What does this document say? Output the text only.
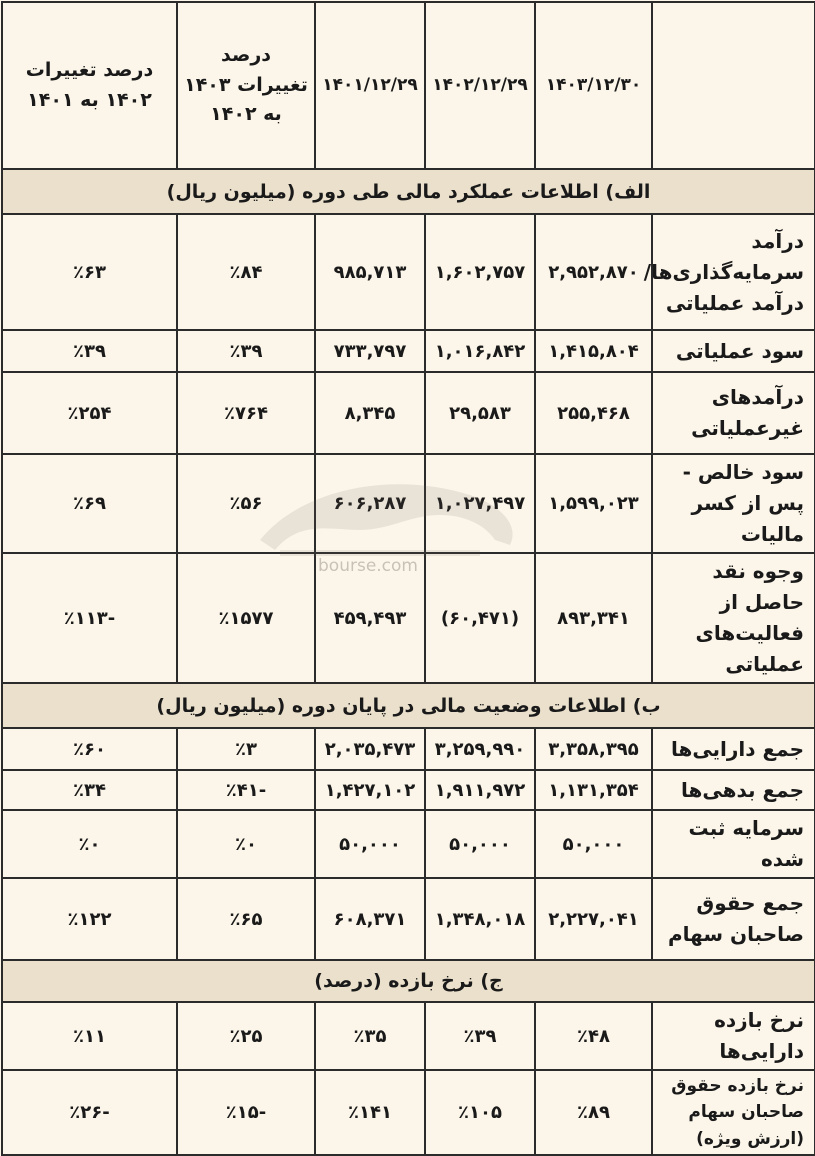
	۱۴۰۳/۱۲/۳۰	۱۴۰۲/۱۲/۲۹	۱۴۰۱/۱۲/۲۹	درصد تغییرات ۱۴۰۳ به ۱۴۰۲	درصد تغییرات ۱۴۰۲ به ۱۴۰۱
الف) اطلاعات عملکرد مالی طی دوره (میلیون ریال)					
درآمد سرمایه‌گذاری‌ها/ درآمد عملیاتی	۲,۹۵۲,۸۷۰	۱,۶۰۲,۷۵۷	۹۸۵,۷۱۳	٪۸۴	٪۶۳
سود عملیاتی	۱,۴۱۵,۸۰۴	۱,۰۱۶,۸۴۲	۷۳۳,۷۹۷	٪۳۹	٪۳۹
درآمدهای غیرعملیاتی	۲۵۵,۴۶۸	۲۹,۵۸۳	۸,۳۴۵	٪۷۶۴	٪۲۵۴
سود خالص - پس از کسر مالیات	۱,۵۹۹,۰۲۳	۱,۰۲۷,۴۹۷	۶۰۶,۲۸۷	٪۵۶	٪۶۹
وجوه نقد حاصل از فعالیت‌های عملیاتی	۸۹۳,۳۴۱	(۶۰,۴۷۱)	۴۵۹,۴۹۳	٪۱۵۷۷	٪۱۱۳-
ب) اطلاعات وضعیت مالی در پایان دوره (میلیون ریال)					
جمع دارایی‌ها	۳,۳۵۸,۳۹۵	۳,۲۵۹,۹۹۰	۲,۰۳۵,۴۷۳	٪۳	٪۶۰
جمع بدهی‌ها	۱,۱۳۱,۳۵۴	۱,۹۱۱,۹۷۲	۱,۴۲۷,۱۰۲	٪۴۱-	٪۳۴
سرمایه ثبت شده	۵۰,۰۰۰	۵۰,۰۰۰	۵۰,۰۰۰	٪۰	٪۰
جمع حقوق صاحبان سهام	۲,۲۲۷,۰۴۱	۱,۳۴۸,۰۱۸	۶۰۸,۳۷۱	٪۶۵	٪۱۲۲
ج) نرخ بازده (درصد)					
نرخ بازده دارایی‌ها	٪۴۸	٪۳۹	٪۳۵	٪۲۵	٪۱۱
نرخ بازده حقوق صاحبان سهام (ارزش ویژه)	٪۸۹	٪۱۰۵	٪۱۴۱	٪۱۵-	٪۲۶-
bourse.com
